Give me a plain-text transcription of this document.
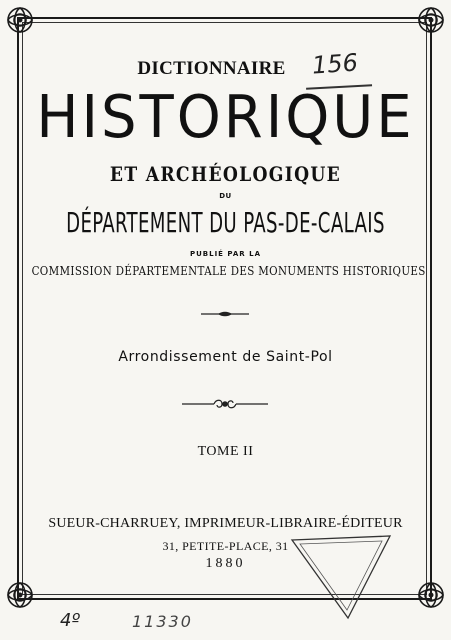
DICTIONNAIRE	156
HISTORIQUE
ET ARCHÉOLOGIQUE
DU
DÉPARTEMENT DU PAS-DE-CALAIS
PUBLIÉ PAR LA
COMMISSION DÉPARTEMENTALE DES MONUMENTS HISTORIQUES
Arrondissement de Saint-Pol
TOME II
SUEUR-CHARRUEY, IMPRIMEUR-LIBRAIRE-ÉDITEUR
31, PETITE-PLACE, 31
1880
4º	11330
